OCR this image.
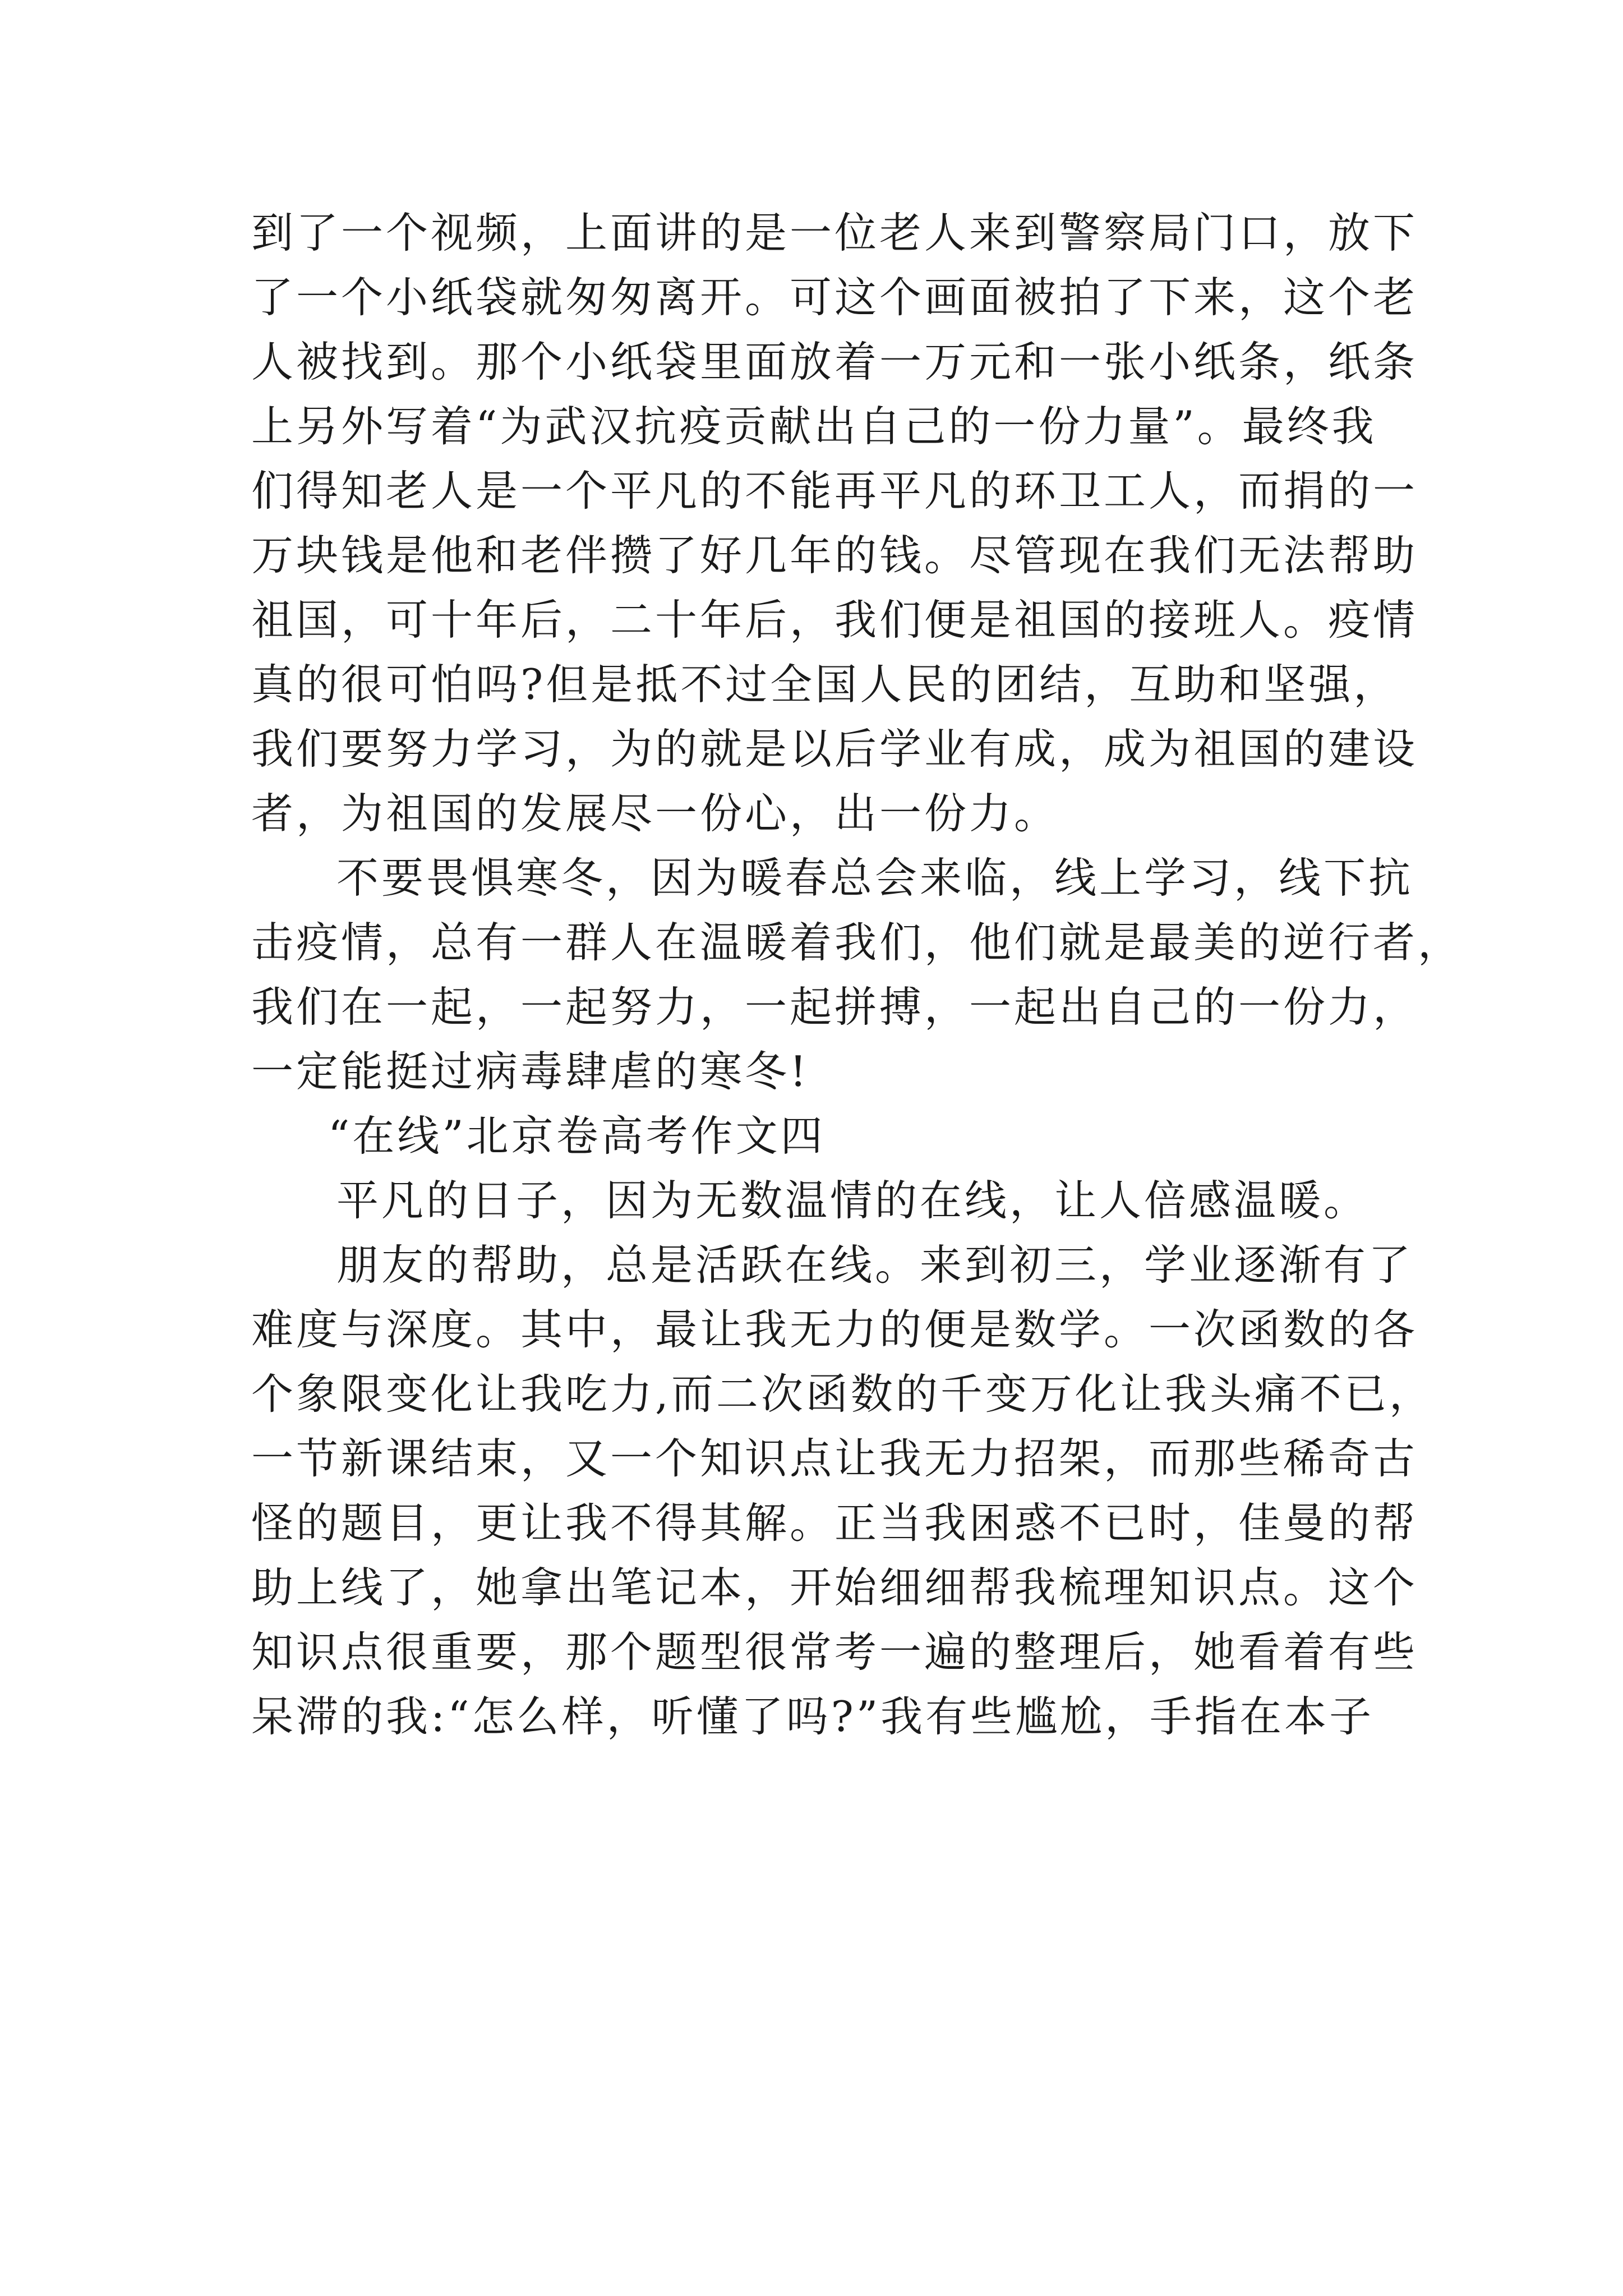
到了一个视频，上面讲的是一位老人来到警察局门口，放下
了一个小纸袋就匆匆离开。可这个画面被拍了下来，这个老
人被找到。那个小纸袋里面放着一万元和一张小纸条，纸条
上另外写着“为武汉抗疫贡献出自己的一份力量”。最终我
们得知老人是一个平凡的不能再平凡的环卫工人，而捐的一
万块钱是他和老伴攒了好几年的钱。尽管现在我们无法帮助
祖国，可十年后，二十年后，我们便是祖国的接班人。疫情
真的很可怕吗?但是抵不过全国人民的团结，互助和坚强，
我们要努力学习，为的就是以后学业有成，成为祖国的建设
者，为祖国的发展尽一份心，出一份力。
不要畏惧寒冬，因为暖春总会来临，线上学习，线下抗
击疫情，总有一群人在温暖着我们，他们就是最美的逆行者，
我们在一起，一起努力，一起拼搏，一起出自己的一份力，
一定能挺过病毒肆虐的寒冬!
“在线”北京卷高考作文四
平凡的日子，因为无数温情的在线，让人倍感温暖。
朋友的帮助，总是活跃在线。来到初三，学业逐渐有了
难度与深度。其中，最让我无力的便是数学。一次函数的各
个象限变化让我吃力,而二次函数的千变万化让我头痛不已，
一节新课结束，又一个知识点让我无力招架，而那些稀奇古
怪的题目，更让我不得其解。正当我困惑不已时，佳曼的帮
助上线了，她拿出笔记本，开始细细帮我梳理知识点。这个
知识点很重要，那个题型很常考一遍的整理后，她看着有些
呆滞的我:“怎么样，听懂了吗?”我有些尴尬，手指在本子
